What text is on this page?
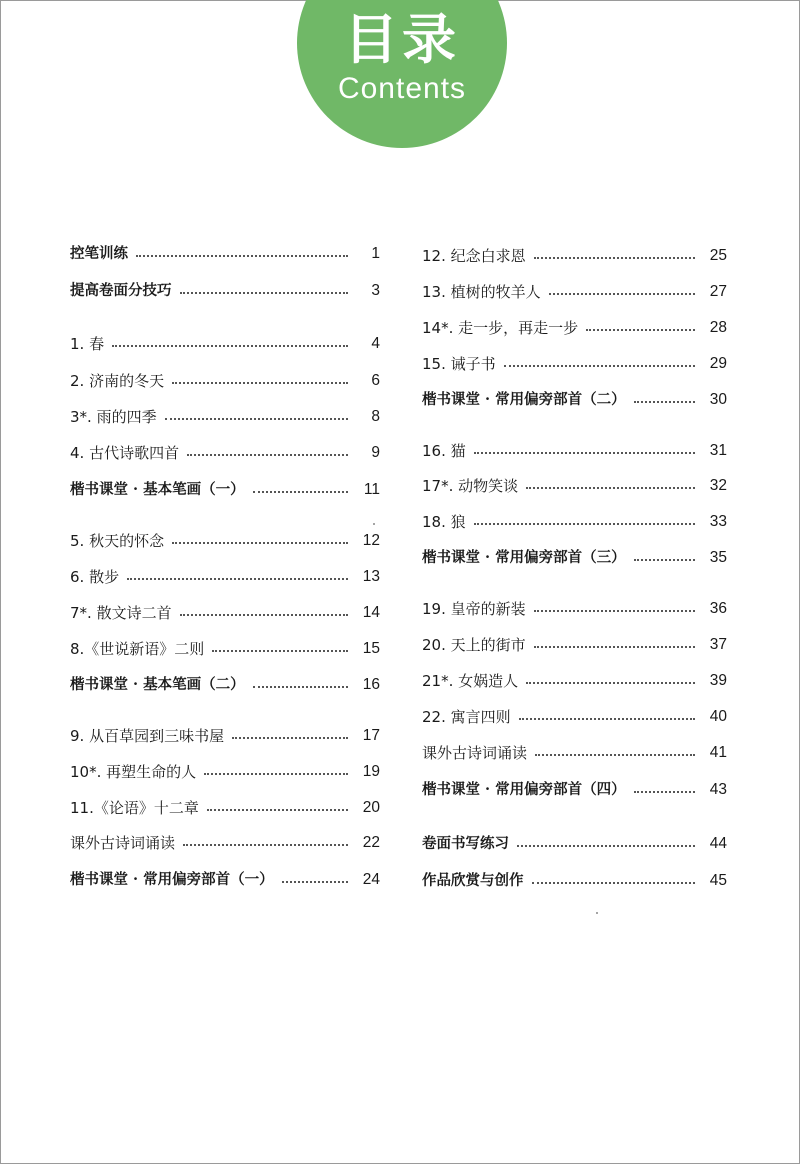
目录
Contents
控笔训练	1
提高卷面分技巧	3
1. 春	4
2. 济南的冬天	6
3*. 雨的四季	8
4. 古代诗歌四首	9
楷书课堂 · 基本笔画（一）	11
5. 秋天的怀念	12
6. 散步	13
7*. 散文诗二首	14
8.《世说新语》二则	15
楷书课堂 · 基本笔画（二）	16
9. 从百草园到三味书屋	17
10*. 再塑生命的人	19
11.《论语》十二章	20
课外古诗词诵读	22
楷书课堂 · 常用偏旁部首（一）	24
12. 纪念白求恩	25
13. 植树的牧羊人	27
14*. 走一步，再走一步	28
15. 诫子书	29
楷书课堂 · 常用偏旁部首（二）	30
16. 猫	31
17*. 动物笑谈	32
18. 狼	33
楷书课堂 · 常用偏旁部首（三）	35
19. 皇帝的新装	36
20. 天上的街市	37
21*. 女娲造人	39
22. 寓言四则	40
课外古诗词诵读	41
楷书课堂 · 常用偏旁部首（四）	43
卷面书写练习	44
作品欣赏与创作	45
